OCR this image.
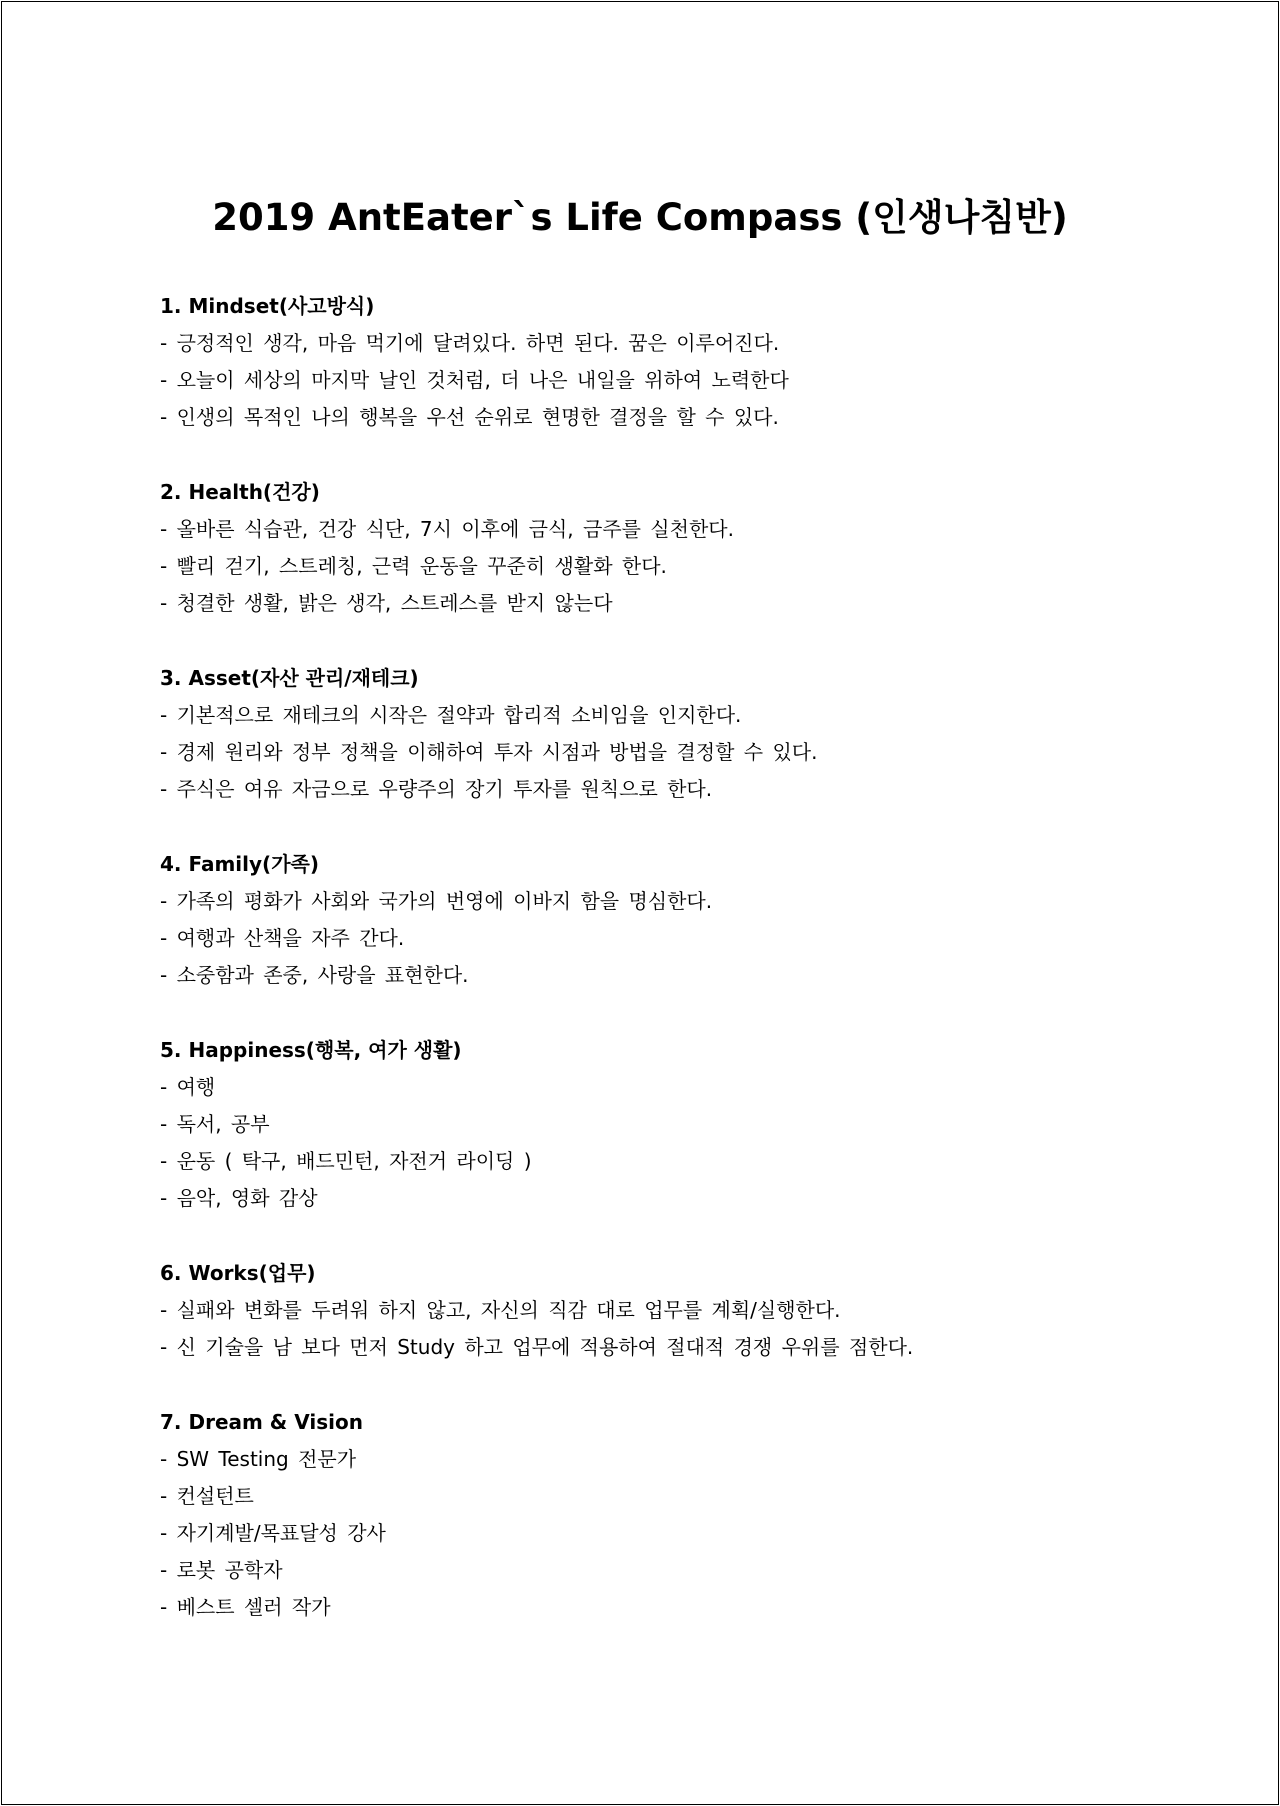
2019 AntEater`s Life Compass (인생나침반)
1. Mindset(사고방식)
- 긍정적인 생각, 마음 먹기에 달려있다. 하면 된다. 꿈은 이루어진다.
- 오늘이 세상의 마지막 날인 것처럼, 더 나은 내일을 위하여 노력한다
- 인생의 목적인 나의 행복을 우선 순위로 현명한 결정을 할 수 있다.
2. Health(건강)
- 올바른 식습관, 건강 식단, 7시 이후에 금식, 금주를 실천한다.
- 빨리 걷기, 스트레칭, 근력 운동을 꾸준히 생활화 한다.
- 청결한 생활, 밝은 생각, 스트레스를 받지 않는다
3. Asset(자산 관리/재테크)
- 기본적으로 재테크의 시작은 절약과 합리적 소비임을 인지한다.
- 경제 원리와 정부 정책을 이해하여 투자 시점과 방법을 결정할 수 있다.
- 주식은 여유 자금으로 우량주의 장기 투자를 원칙으로 한다.
4. Family(가족)
- 가족의 평화가 사회와 국가의 번영에 이바지 함을 명심한다.
- 여행과 산책을 자주 간다.
- 소중함과 존중, 사랑을 표현한다.
5. Happiness(행복, 여가 생활)
- 여행
- 독서, 공부
- 운동 ( 탁구, 배드민턴, 자전거 라이딩 )
- 음악, 영화 감상
6. Works(업무)
- 실패와 변화를 두려워 하지 않고, 자신의 직감 대로 업무를 계획/실행한다.
- 신 기술을 남 보다 먼저 Study 하고 업무에 적용하여 절대적 경쟁 우위를 점한다.
7. Dream & Vision
- SW Testing 전문가
- 컨설턴트
- 자기계발/목표달성 강사
- 로봇 공학자
- 베스트 셀러 작가
